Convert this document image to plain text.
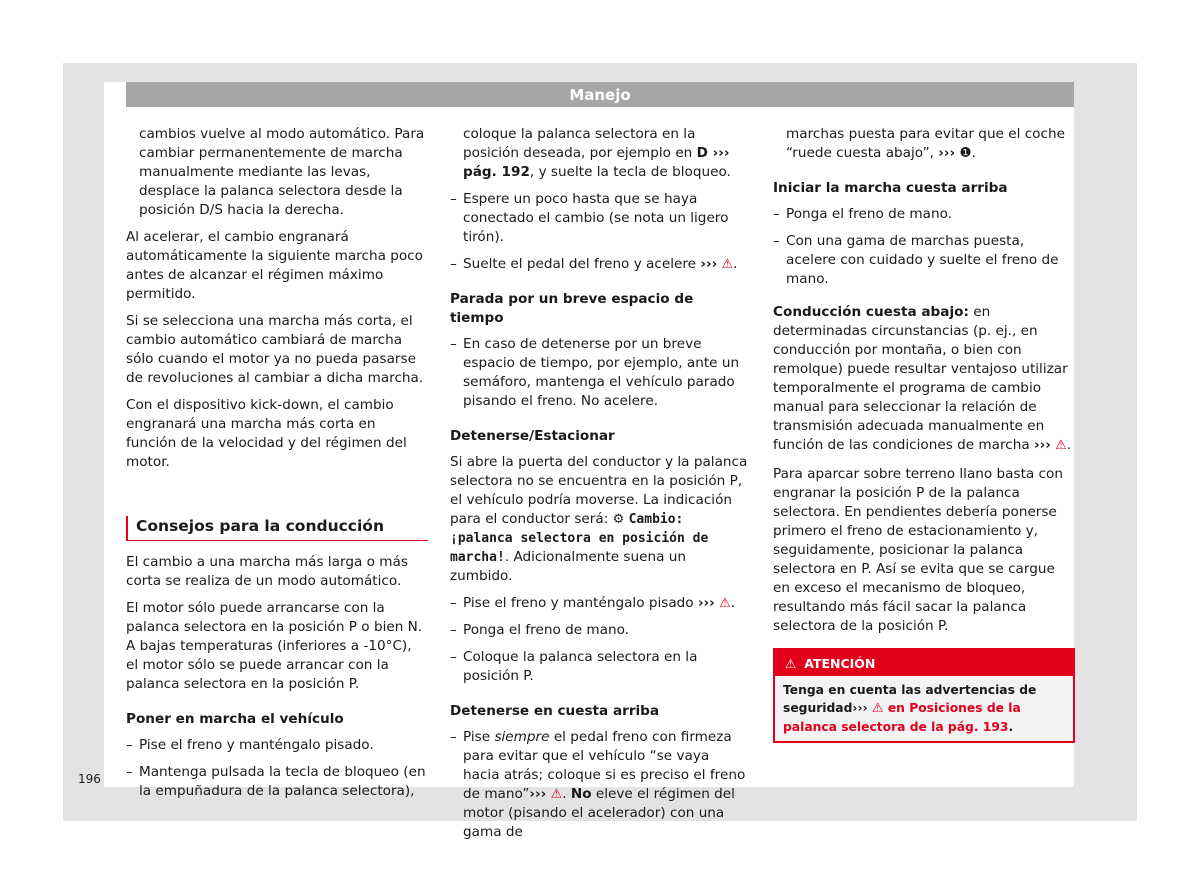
Manejo

cambios vuelve al modo automático. Para cambiar permanentemente de marcha manualmente mediante las levas, desplace la palanca selectora desde la posición D/S hacia la derecha.

Al acelerar, el cambio engranará automáticamente la siguiente marcha poco antes de alcanzar el régimen máximo permitido.

Si se selecciona una marcha más corta, el cambio automático cambiará de marcha sólo cuando el motor ya no pueda pasarse de revoluciones al cambiar a dicha marcha.

Con el dispositivo kick-down, el cambio engranará una marcha más corta en función de la velocidad y del régimen del motor.

Consejos para la conducción

El cambio a una marcha más larga o más corta se realiza de un modo automático.

El motor sólo puede arrancarse con la palanca selectora en la posición P o bien N. A bajas temperaturas (inferiores a -10°C), el motor sólo se puede arrancar con la palanca selectora en la posición P.

Poner en marcha el vehículo
– Pise el freno y manténgalo pisado.
– Mantenga pulsada la tecla de bloqueo (en la empuñadura de la palanca selectora),
coloque la palanca selectora en la posición deseada, por ejemplo en D ››› pág. 192, y suelte la tecla de bloqueo.
– Espere un poco hasta que se haya conectado el cambio (se nota un ligero tirón).
– Suelte el pedal del freno y acelere ››› ⚠.
Parada por un breve espacio de tiempo
– En caso de detenerse por un breve espacio de tiempo, por ejemplo, ante un semáforo, mantenga el vehículo parado pisando el freno. No acelere.
Detenerse/Estacionar

Si abre la puerta del conductor y la palanca selectora no se encuentra en la posición P, el vehículo podría moverse. La indicación para el conductor será: ⚙ Cambio: ¡palanca selectora en posición de marcha!. Adicionalmente suena un zumbido.

– Pise el freno y manténgalo pisado ››› ⚠.
– Ponga el freno de mano.
– Coloque la palanca selectora en la posición P.
Detenerse en cuesta arriba
– Pise siempre el pedal freno con firmeza para evitar que el vehículo “se vaya hacia atrás; coloque si es preciso el freno de mano”››› ⚠. No eleve el régimen del motor (pisando el acelerador) con una gama de
marchas puesta para evitar que el coche “ruede cuesta abajo”, ››› ❶.
Iniciar la marcha cuesta arriba
– Ponga el freno de mano.
– Con una gama de marchas puesta, acelere con cuidado y suelte el freno de mano.

Conducción cuesta abajo: en determinadas circunstancias (p. ej., en conducción por montaña, o bien con remolque) puede resultar ventajoso utilizar temporalmente el programa de cambio manual para seleccionar la relación de transmisión adecuada manualmente en función de las condiciones de marcha ››› ⚠.

Para aparcar sobre terreno llano basta con engranar la posición P de la palanca selectora. En pendientes debería ponerse primero el freno de estacionamiento y, seguidamente, posicionar la palanca selectora en P. Así se evita que se cargue en exceso el mecanismo de bloqueo, resultando más fácil sacar la palanca selectora de la posición P.

⚠ ATENCIÓN
Tenga en cuenta las advertencias de seguridad››› ⚠ en Posiciones de la palanca selectora de la pág. 193.
196
